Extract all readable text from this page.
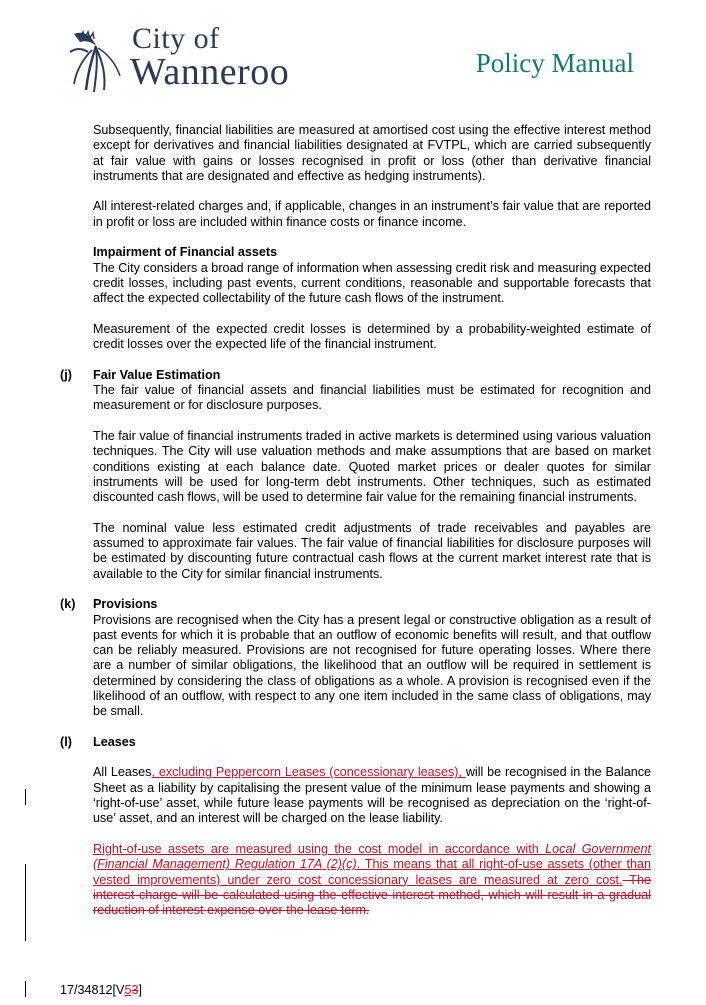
City of
Wanneroo	Policy Manual

Subsequently, financial liabilities are measured at amortised cost using the effective interest method except for derivatives and financial liabilities designated at FVTPL, which are carried subsequently at fair value with gains or losses recognised in profit or loss (other than derivative financial instruments that are designated and effective as hedging instruments).

All interest-related charges and, if applicable, changes in an instrument’s fair value that are reported in profit or loss are included within finance costs or finance income.

Impairment of Financial assets

The City considers a broad range of information when assessing credit risk and measuring expected credit losses, including past events, current conditions, reasonable and supportable forecasts that affect the expected collectability of the future cash flows of the instrument.

Measurement of the expected credit losses is determined by a probability-weighted estimate of credit losses over the expected life of the financial instrument.

(j) Fair Value Estimation

The fair value of financial assets and financial liabilities must be estimated for recognition and measurement or for disclosure purposes.

The fair value of financial instruments traded in active markets is determined using various valuation techniques. The City will use valuation methods and make assumptions that are based on market conditions existing at each balance date. Quoted market prices or dealer quotes for similar instruments will be used for long-term debt instruments. Other techniques, such as estimated discounted cash flows, will be used to determine fair value for the remaining financial instruments.

The nominal value less estimated credit adjustments of trade receivables and payables are assumed to approximate fair values. The fair value of financial liabilities for disclosure purposes will be estimated by discounting future contractual cash flows at the current market interest rate that is available to the City for similar financial instruments.

(k) Provisions

Provisions are recognised when the City has a present legal or constructive obligation as a result of past events for which it is probable that an outflow of economic benefits will result, and that outflow can be reliably measured. Provisions are not recognised for future operating losses. Where there are a number of similar obligations, the likelihood that an outflow will be required in settlement is determined by considering the class of obligations as a whole. A provision is recognised even if the likelihood of an outflow, with respect to any one item included in the same class of obligations, may be small.

(l) Leases

All Leases, excluding Peppercorn Leases (concessionary leases), will be recognised in the Balance Sheet as a liability by capitalising the present value of the minimum lease payments and showing a ‘right-of-use’ asset, while future lease payments will be recognised as depreciation on the ‘right-of-use’ asset, and an interest will be charged on the lease liability.

Right-of-use assets are measured using the cost model in accordance with Local Government (Financial Management) Regulation 17A (2)(c). This means that all right-of-use assets (other than vested improvements) under zero cost concessionary leases are measured at zero cost. The interest charge will be calculated using the effective interest method, which will result in a gradual reduction of interest expense over the lease term.

17/34812[V53]
